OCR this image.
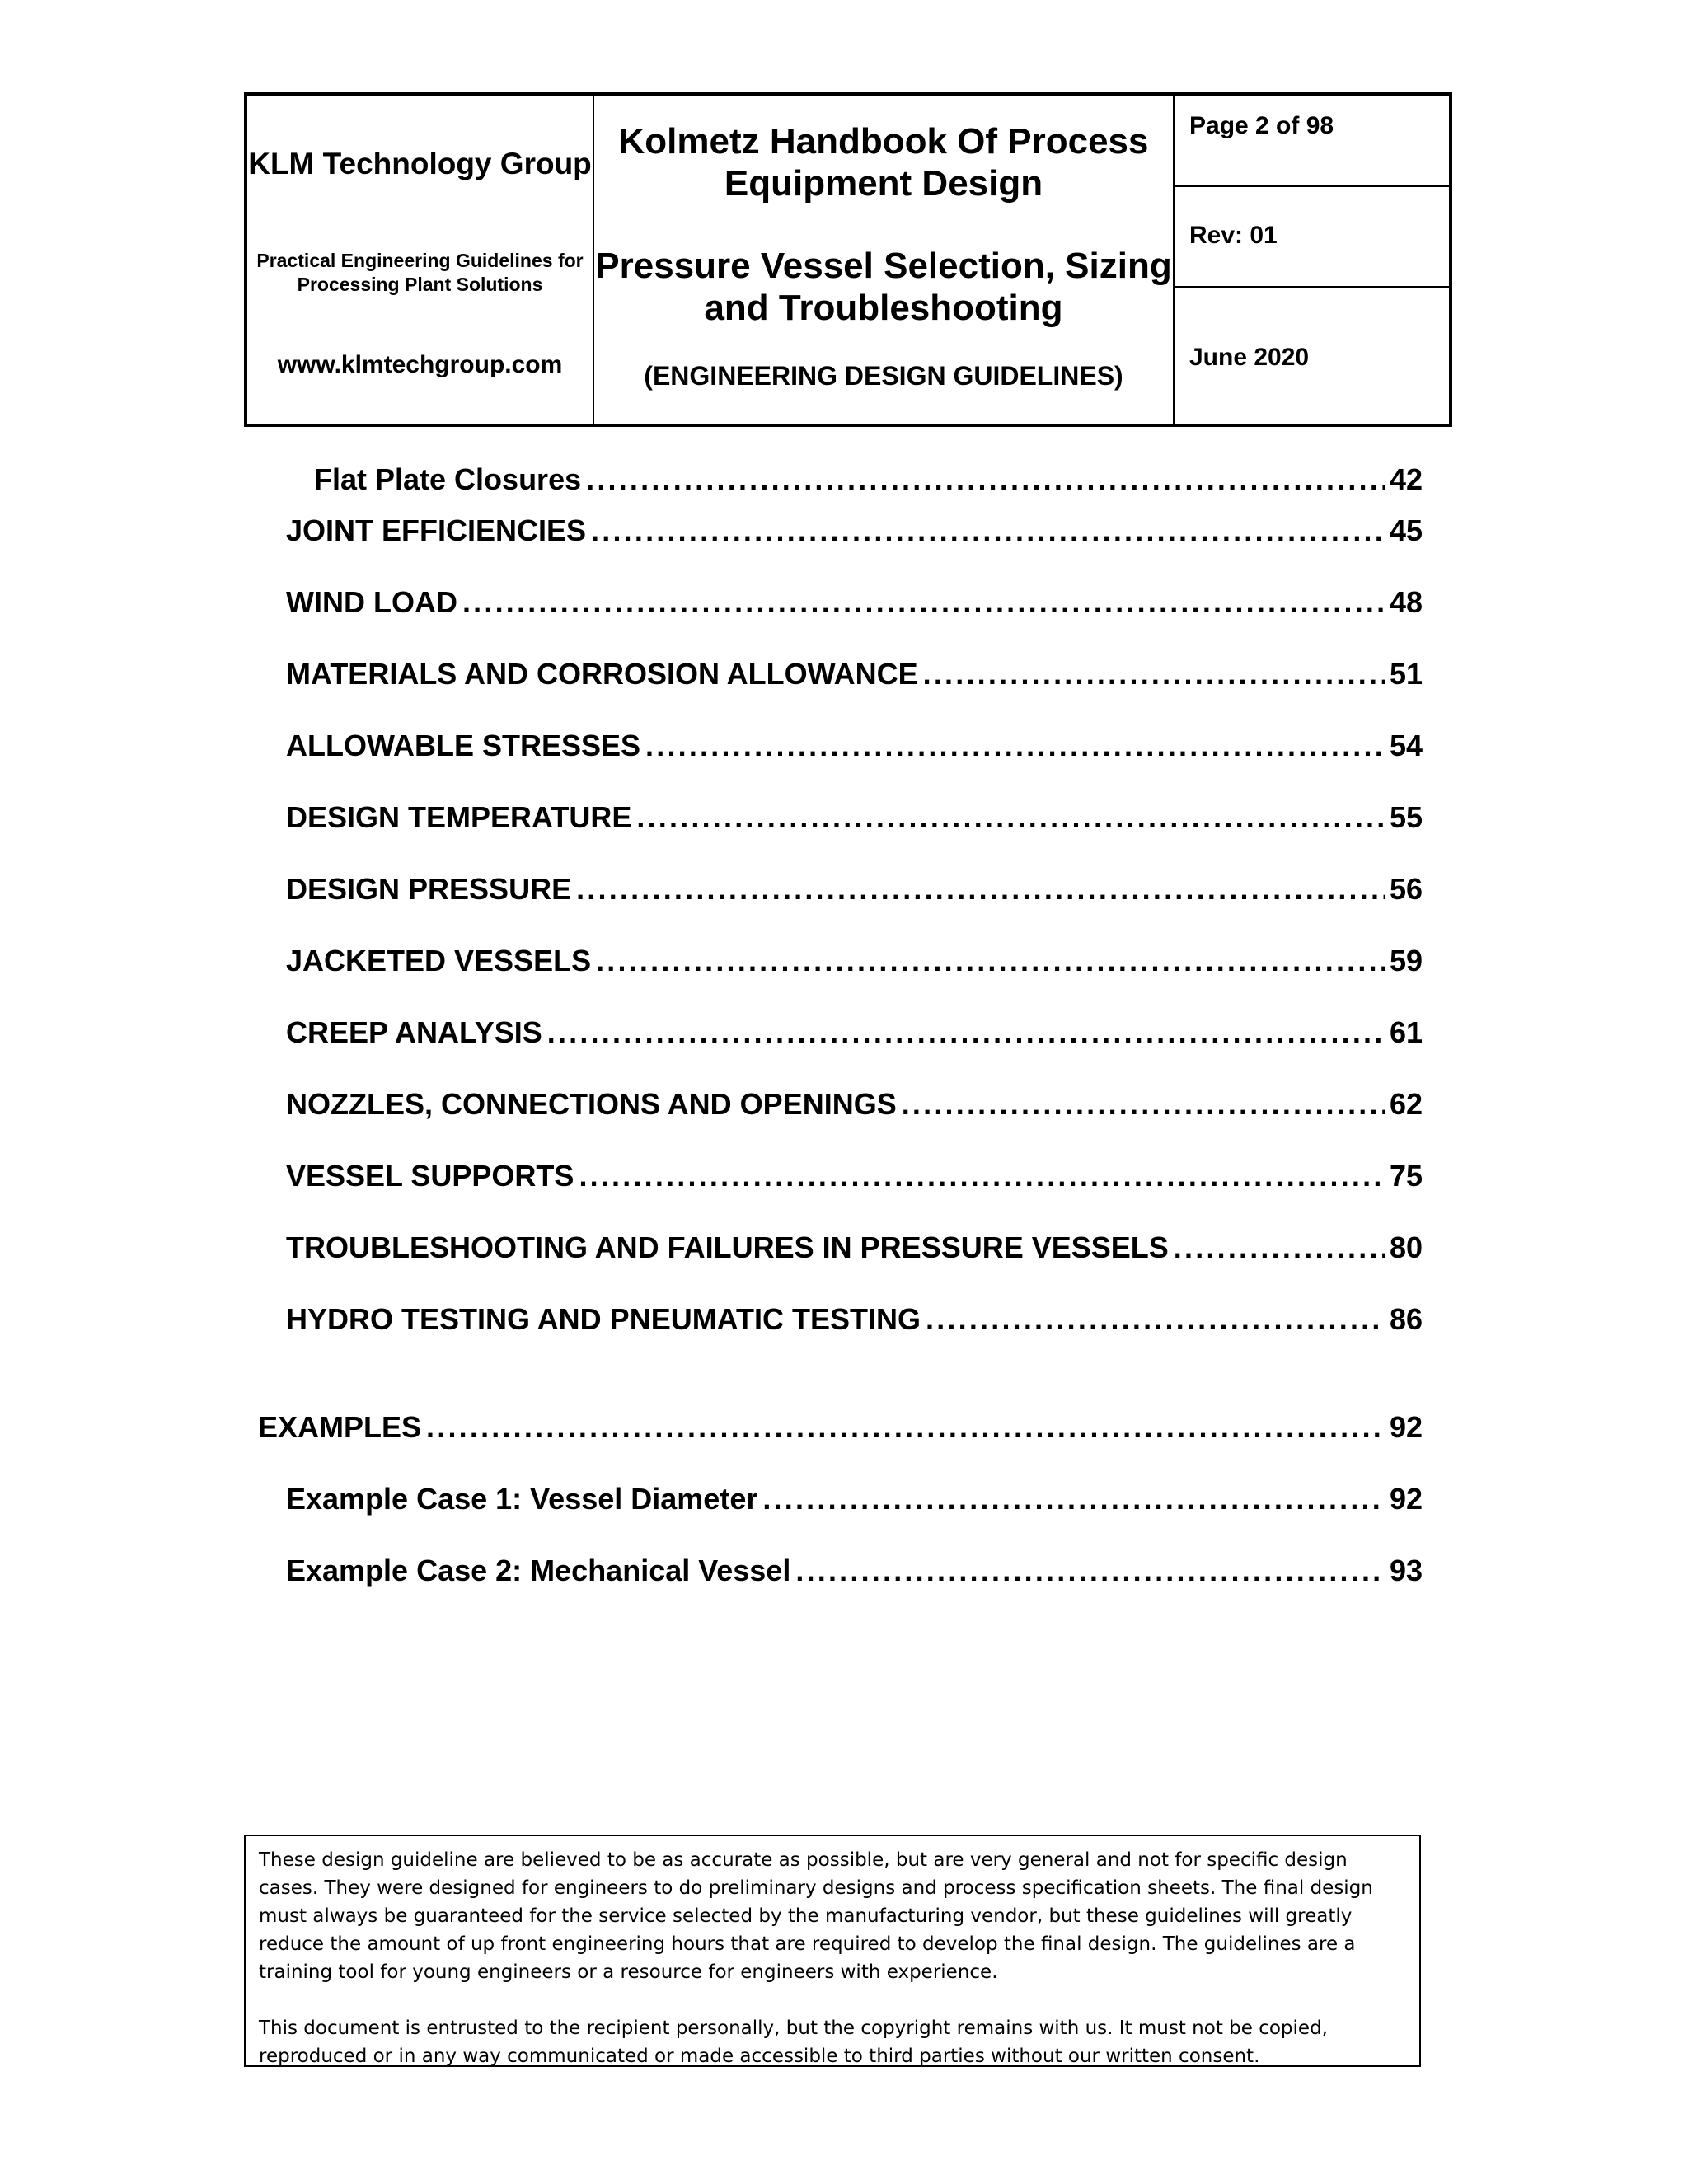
KLM Technology Group
Practical Engineering Guidelines for Processing Plant Solutions
www.klmtechgroup.com
Kolmetz Handbook Of Process Equipment Design
Pressure Vessel Selection, Sizing and Troubleshooting
(ENGINEERING DESIGN GUIDELINES)
Page 2 of 98
Rev: 01
June 2020
Flat Plate Closures . . .	42
JOINT EFFICIENCIES . . .	45
WIND LOAD . . .	48
MATERIALS AND CORROSION ALLOWANCE . . .	51
ALLOWABLE STRESSES . . .	54
DESIGN TEMPERATURE . . .	55
DESIGN PRESSURE . . .	56
JACKETED VESSELS . . .	59
CREEP ANALYSIS . . .	61
NOZZLES, CONNECTIONS AND OPENINGS . . .	62
VESSEL SUPPORTS . . .	75
TROUBLESHOOTING AND FAILURES IN PRESSURE VESSELS . . .	80
HYDRO TESTING AND PNEUMATIC TESTING . . .	86
EXAMPLES . . .	92
Example Case 1: Vessel Diameter . . .	92
Example Case 2: Mechanical Vessel . . .	93

These design guideline are believed to be as accurate as possible, but are very general and not for specific design cases. They were designed for engineers to do preliminary designs and process specification sheets. The final design must always be guaranteed for the service selected by the manufacturing vendor, but these guidelines will greatly reduce the amount of up front engineering hours that are required to develop the final design. The guidelines are a training tool for young engineers or a resource for engineers with experience.

This document is entrusted to the recipient personally, but the copyright remains with us. It must not be copied, reproduced or in any way communicated or made accessible to third parties without our written consent.
